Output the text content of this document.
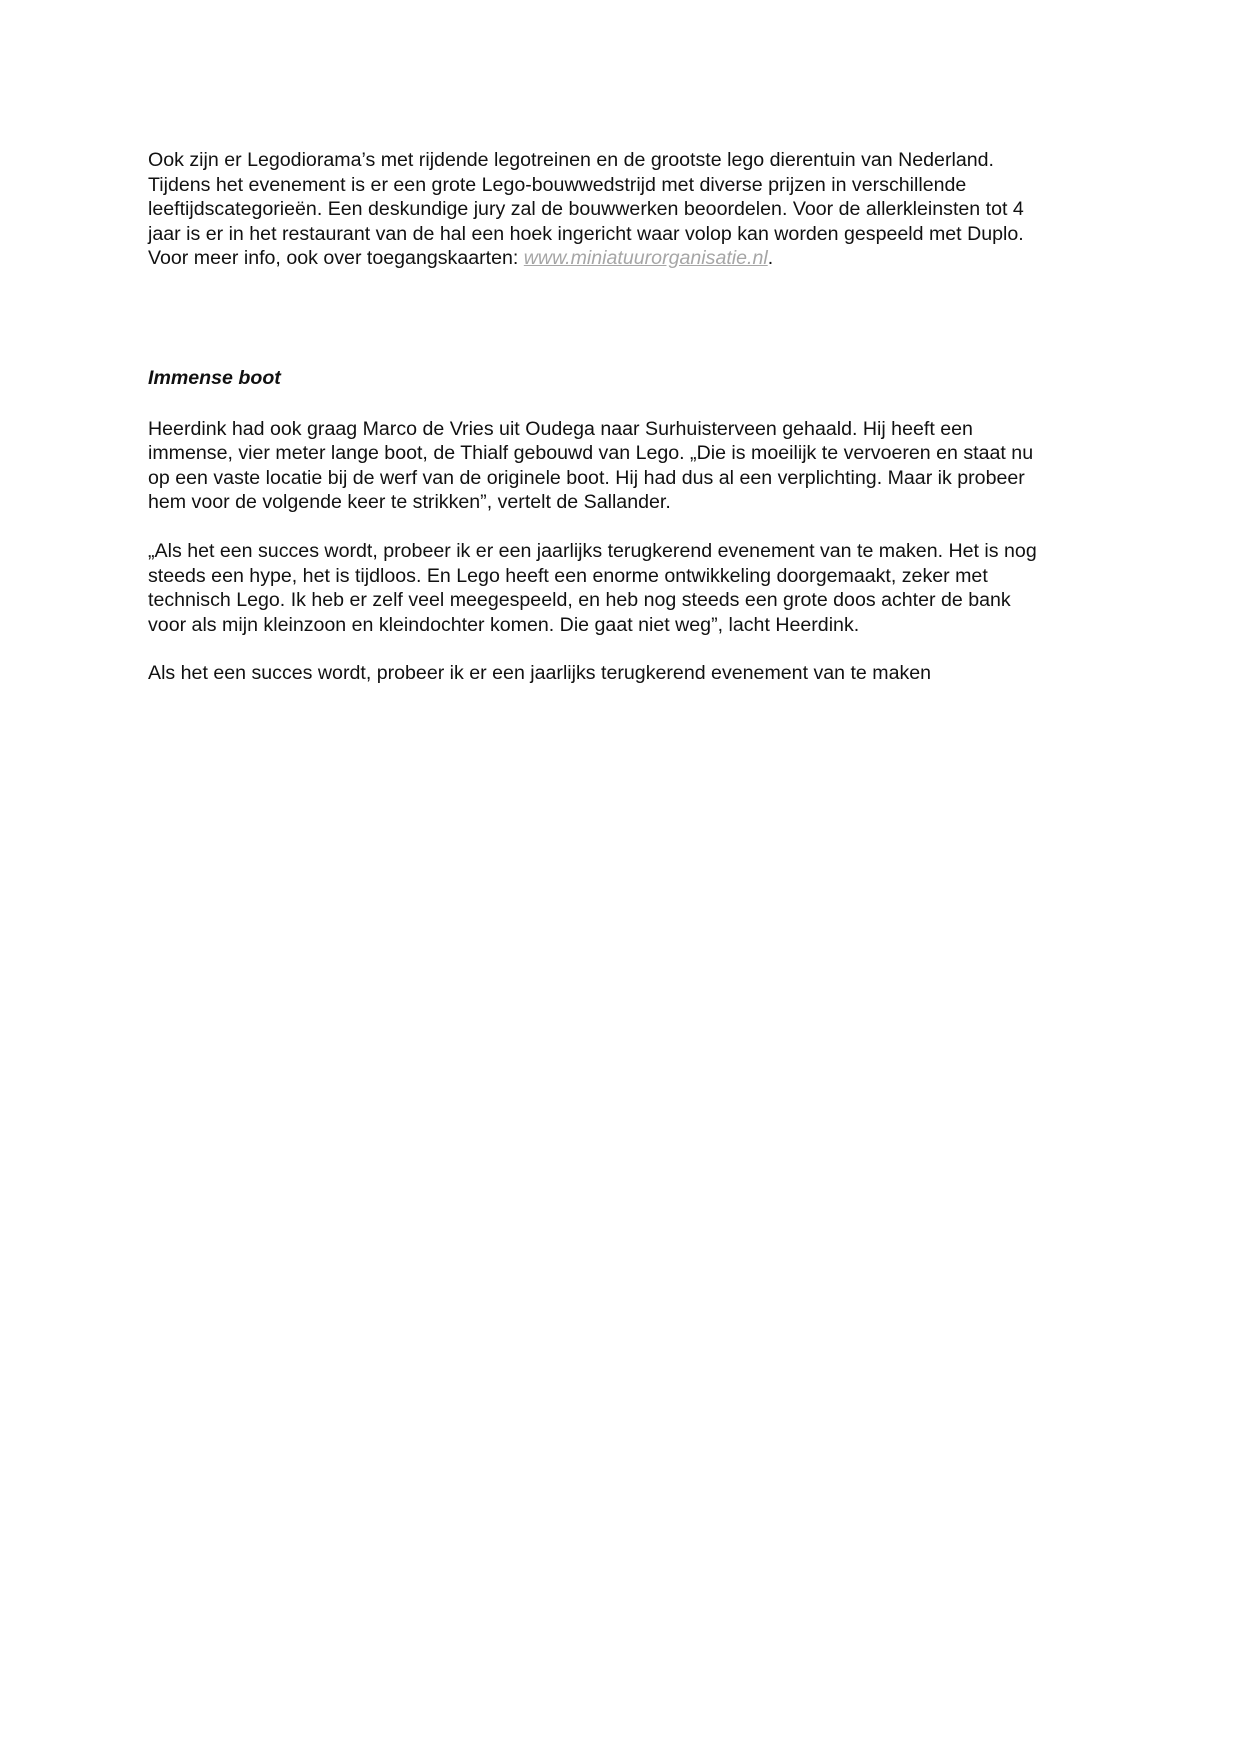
Ook zijn er Legodiorama’s met rijdende legotreinen en de grootste lego dierentuin van Nederland.
Tijdens het evenement is er een grote Lego-bouwwedstrijd met diverse prijzen in verschillende
leeftijdscategorieën. Een deskundige jury zal de bouwwerken beoordelen. Voor de allerkleinsten tot 4
jaar is er in het restaurant van de hal een hoek ingericht waar volop kan worden gespeeld met Duplo.
Voor meer info, ook over toegangskaarten: www.miniatuurorganisatie.nl.

Immense boot

Heerdink had ook graag Marco de Vries uit Oudega naar Surhuisterveen gehaald. Hij heeft een
immense, vier meter lange boot, de Thialf gebouwd van Lego. „Die is moeilijk te vervoeren en staat nu
op een vaste locatie bij de werf van de originele boot. Hij had dus al een verplichting. Maar ik probeer
hem voor de volgende keer te strikken”, vertelt de Sallander.

„Als het een succes wordt, probeer ik er een jaarlijks terugkerend evenement van te maken. Het is nog
steeds een hype, het is tijdloos. En Lego heeft een enorme ontwikkeling doorgemaakt, zeker met
technisch Lego. Ik heb er zelf veel meegespeeld, en heb nog steeds een grote doos achter de bank
voor als mijn kleinzoon en kleindochter komen. Die gaat niet weg”, lacht Heerdink.

Als het een succes wordt, probeer ik er een jaarlijks terugkerend evenement van te maken
